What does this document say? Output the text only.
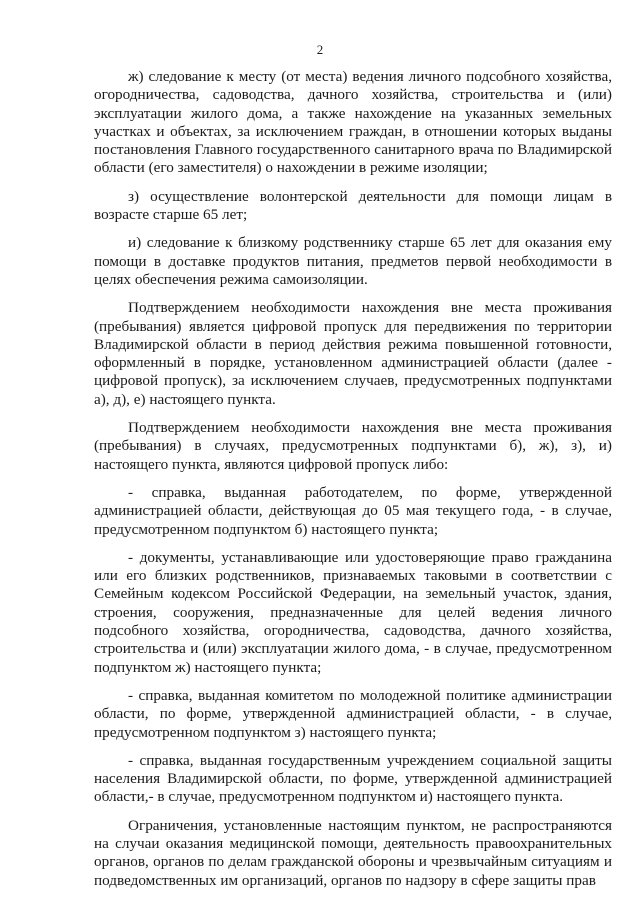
2

ж) следование к месту (от места) ведения личного подсобного хозяйства, огородничества, садоводства, дачного хозяйства, строительства и (или) эксплуатации жилого дома, а также нахождение на указанных земельных участках и объектах, за исключением граждан, в отношении которых выданы постановления Главного государственного санитарного врача по Владимирской области (его заместителя) о нахождении в режиме изоляции;

з) осуществление волонтерской деятельности для помощи лицам в возрасте старше 65 лет;

и) следование к близкому родственнику старше 65 лет для оказания ему помощи в доставке продуктов питания, предметов первой необходимости в целях обеспечения режима самоизоляции.

Подтверждением необходимости нахождения вне места проживания (пребывания) является цифровой пропуск для передвижения по территории Владимирской области в период действия режима повышенной готовности, оформленный в порядке, установленном администрацией области (далее - цифровой пропуск), за исключением случаев, предусмотренных подпунктами а), д), е) настоящего пункта.

Подтверждением необходимости нахождения вне места проживания (пребывания) в случаях, предусмотренных подпунктами б), ж), з), и) настоящего пункта, являются цифровой пропуск либо:

- справка, выданная работодателем, по форме, утвержденной администрацией области, действующая до 05 мая текущего года, - в случае, предусмотренном подпунктом б) настоящего пункта;

- документы, устанавливающие или удостоверяющие право гражданина или его близких родственников, признаваемых таковыми в соответствии с Семейным кодексом Российской Федерации, на земельный участок, здания, строения, сооружения, предназначенные для целей ведения личного подсобного хозяйства, огородничества, садоводства, дачного хозяйства, строительства и (или) эксплуатации жилого дома, - в случае, предусмотренном подпунктом ж) настоящего пункта;

- справка, выданная комитетом по молодежной политике администрации области, по форме, утвержденной администрацией области, - в случае, предусмотренном подпунктом з) настоящего пункта;

- справка, выданная государственным учреждением социальной защиты населения Владимирской области, по форме, утвержденной администрацией области,- в случае, предусмотренном подпунктом и) настоящего пункта.

Ограничения, установленные настоящим пунктом, не распространяются на случаи оказания медицинской помощи, деятельность правоохранительных органов, органов по делам гражданской обороны и чрезвычайным ситуациям и подведомственных им организаций, органов по надзору в сфере защиты прав
